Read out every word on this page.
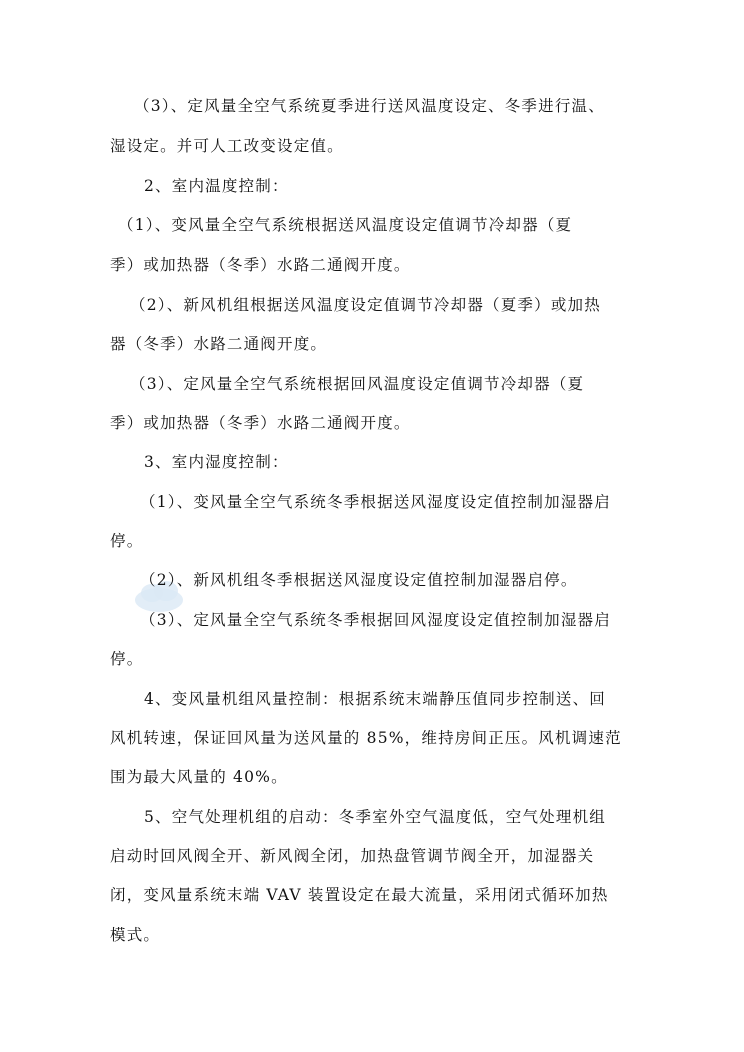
（3）、定风量全空气系统夏季进行送风温度设定、冬季进行温、
湿设定。并可人工改变设定值。
2、室内温度控制：
（1）、变风量全空气系统根据送风温度设定值调节冷却器（夏
季）或加热器（冬季）水路二通阀开度。
（2）、新风机组根据送风温度设定值调节冷却器（夏季）或加热
器（冬季）水路二通阀开度。
（3）、定风量全空气系统根据回风温度设定值调节冷却器（夏
季）或加热器（冬季）水路二通阀开度。
3、室内湿度控制：
（1）、变风量全空气系统冬季根据送风湿度设定值控制加湿器启
停。
（2）、新风机组冬季根据送风湿度设定值控制加湿器启停。
（3）、定风量全空气系统冬季根据回风湿度设定值控制加湿器启
停。
4、变风量机组风量控制：根据系统末端静压值同步控制送、回
风机转速，保证回风量为送风量的 85%，维持房间正压。风机调速范
围为最大风量的 40%。
5、空气处理机组的启动：冬季室外空气温度低，空气处理机组
启动时回风阀全开、新风阀全闭，加热盘管调节阀全开，加湿器关
闭，变风量系统末端 VAV 装置设定在最大流量，采用闭式循环加热
模式。
